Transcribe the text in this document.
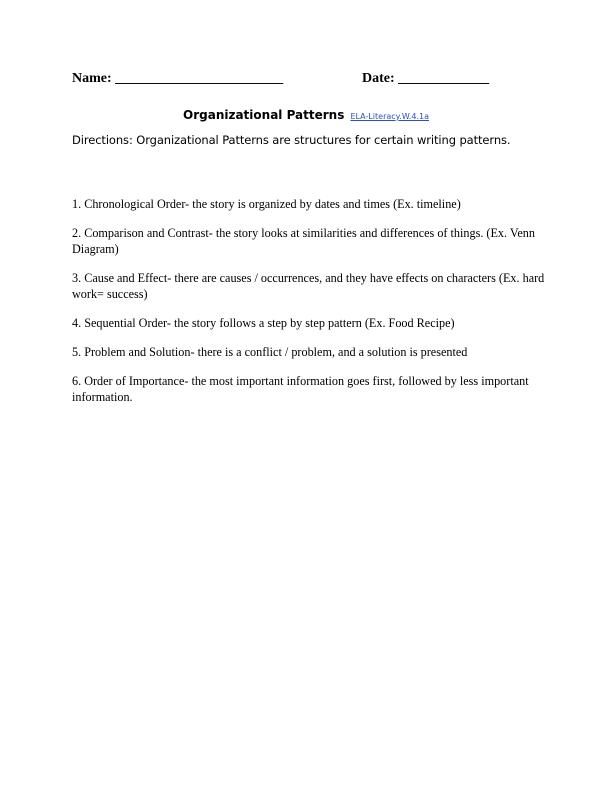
Name: ________________________	Date: _____________
Organizational Patterns ELA-Literacy.W.4.1a
Directions: Organizational Patterns are structures for certain writing patterns.
1. Chronological Order- the story is organized by dates and times (Ex. timeline)
2. Comparison and Contrast- the story looks at similarities and differences of things. (Ex. Venn Diagram)
3. Cause and Effect- there are causes / occurrences, and they have effects on characters (Ex. hard work= success)
4. Sequential Order- the story follows a step by step pattern (Ex. Food Recipe)
5. Problem and Solution- there is a conflict / problem, and a solution is presented
6. Order of Importance- the most important information goes first, followed by less important information.
